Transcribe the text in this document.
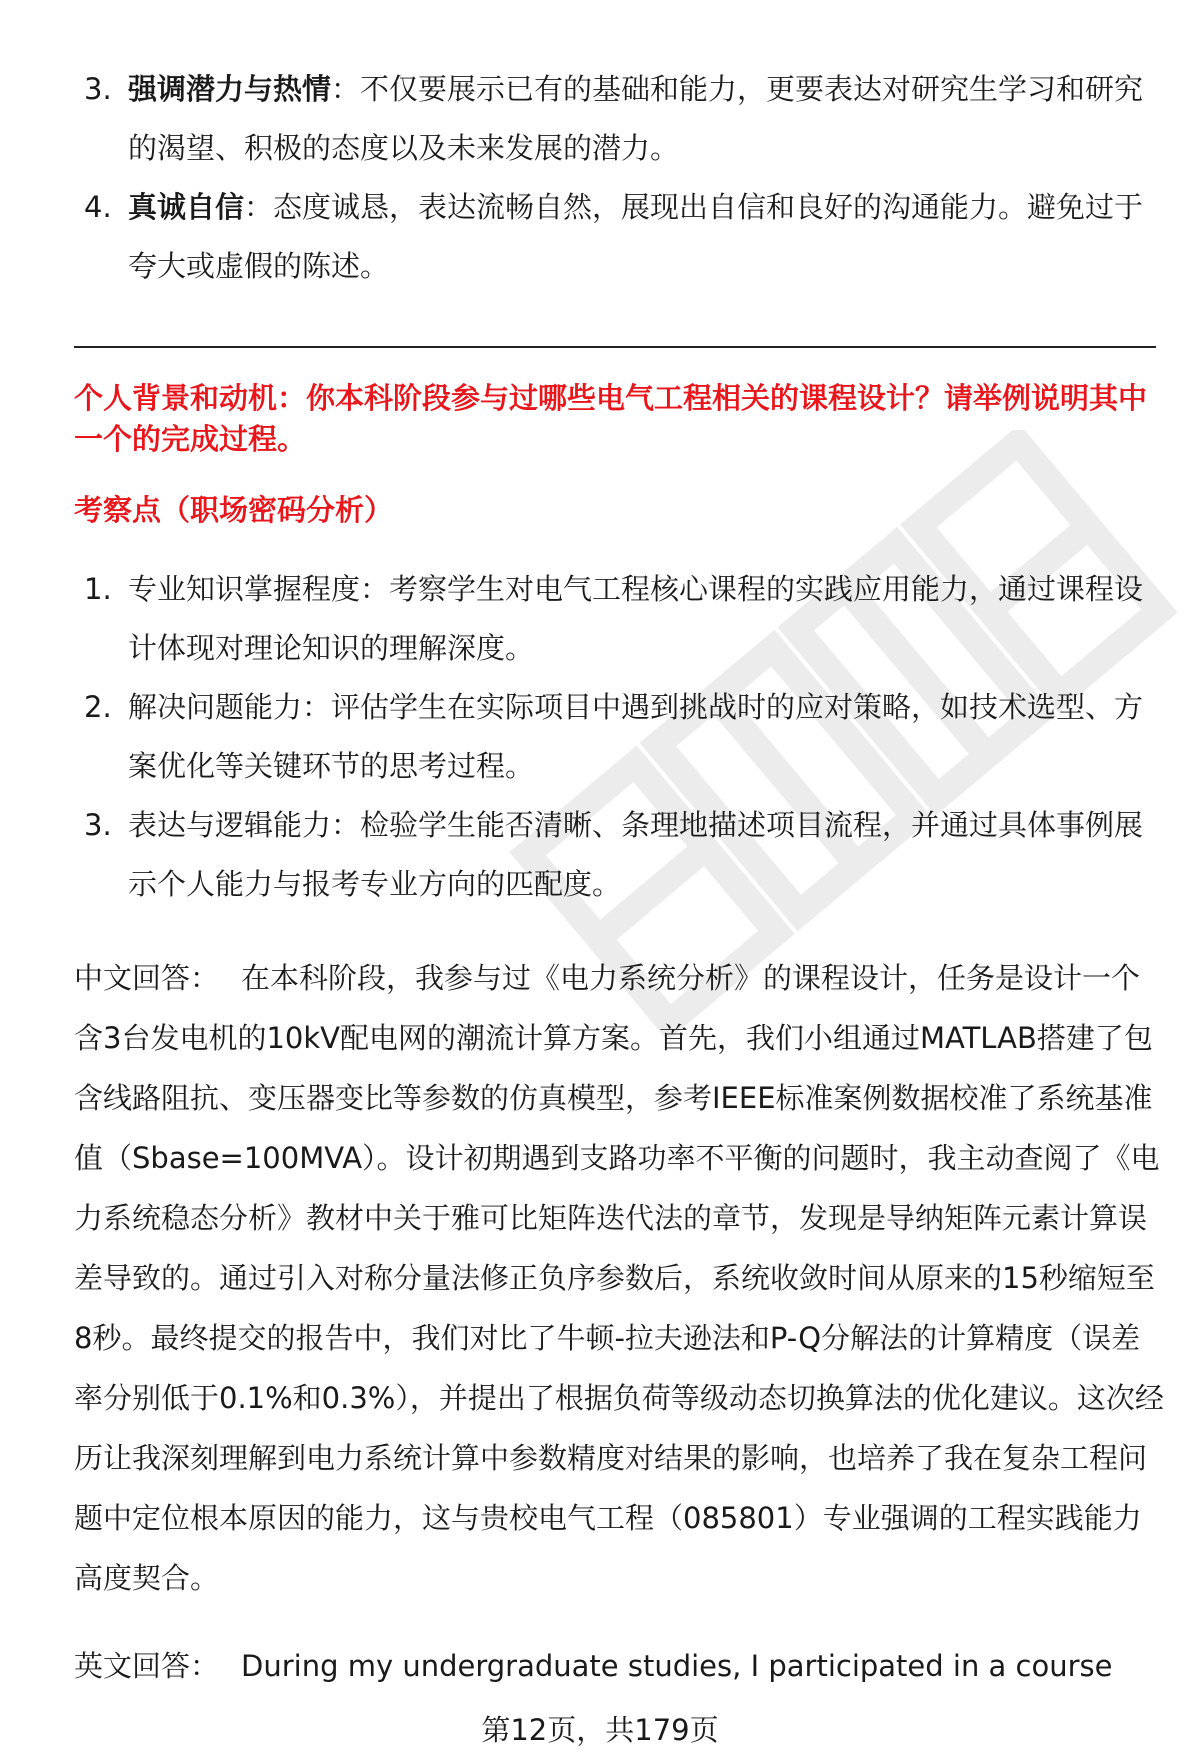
3. 强调潜力与热情：不仅要展示已有的基础和能力，更要表达对研究生学习和研究的渴望、积极的态度以及未来发展的潜力。
4. 真诚自信：态度诚恳，表达流畅自然，展现出自信和良好的沟通能力。避免过于夸大或虚假的陈述。

个人背景和动机：你本科阶段参与过哪些电气工程相关的课程设计？请举例说明其中一个的完成过程。

考察点（职场密码分析）

1. 专业知识掌握程度：考察学生对电气工程核心课程的实践应用能力，通过课程设计体现对理论知识的理解深度。
2. 解决问题能力：评估学生在实际项目中遇到挑战时的应对策略，如技术选型、方案优化等关键环节的思考过程。
3. 表达与逻辑能力：检验学生能否清晰、条理地描述项目流程，并通过具体事例展示个人能力与报考专业方向的匹配度。

中文回答： 在本科阶段，我参与过《电力系统分析》的课程设计，任务是设计一个含3台发电机的10kV配电网的潮流计算方案。首先，我们小组通过MATLAB搭建了包含线路阻抗、变压器变比等参数的仿真模型，参考IEEE标准案例数据校准了系统基准值（Sbase=100MVA）。设计初期遇到支路功率不平衡的问题时，我主动查阅了《电力系统稳态分析》教材中关于雅可比矩阵迭代法的章节，发现是导纳矩阵元素计算误差导致的。通过引入对称分量法修正负序参数后，系统收敛时间从原来的15秒缩短至8秒。最终提交的报告中，我们对比了牛顿-拉夫逊法和P-Q分解法的计算精度（误差率分别低于0.1%和0.3%），并提出了根据负荷等级动态切换算法的优化建议。这次经历让我深刻理解到电力系统计算中参数精度对结果的影响，也培养了我在复杂工程问题中定位根本原因的能力，这与贵校电气工程（085801）专业强调的工程实践能力高度契合。

英文回答： During my undergraduate studies, I participated in a course

第12页，共179页
